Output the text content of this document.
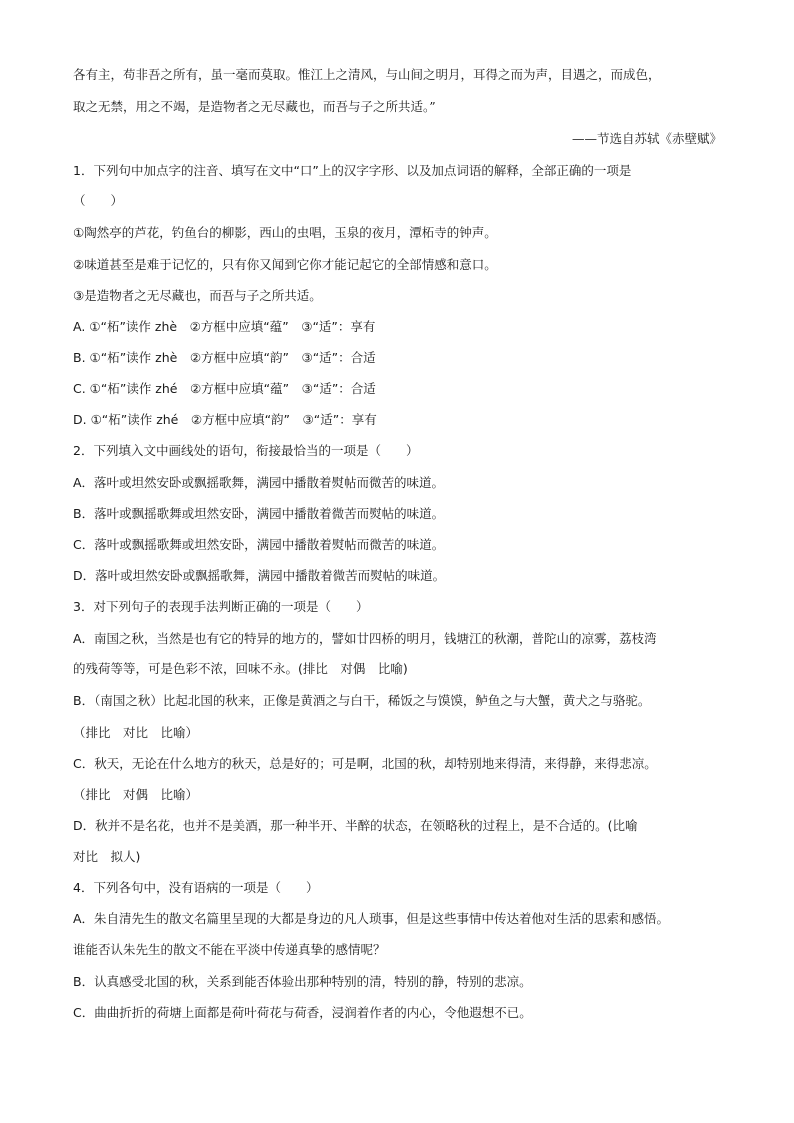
各有主，苟非吾之所有，虽一毫而莫取。惟江上之清风，与山间之明月，耳得之而为声，目遇之，而成色，
取之无禁，用之不竭，是造物者之无尽藏也，而吾与子之所共适。”
——节选自苏轼《赤壁赋》
1．下列句中加点字的注音、填写在文中“口”上的汉字字形、以及加点词语的解释，全部正确的一项是
（　　）
①陶然亭的芦花，钓鱼台的柳影，西山的虫唱，玉泉的夜月，潭柘寺的钟声。
②味道甚至是难于记忆的，只有你又闻到它你才能记起它的全部情感和意口。
③是造物者之无尽藏也，而吾与子之所共适。
A. ①“柘”读作 zhè　②方框中应填“蕴”　③“适”：享有
B. ①“柘”读作 zhè　②方框中应填“韵”　③“适”：合适
C. ①“柘”读作 zhé　②方框中应填“蕴”　③“适”：合适
D. ①“柘”读作 zhé　②方框中应填“韵”　③“适”：享有
2．下列填入文中画线处的语句，衔接最恰当的一项是（　　）
A．落叶或坦然安卧或飘摇歌舞，满园中播散着熨帖而微苦的味道。
B．落叶或飘摇歌舞或坦然安卧，满园中播散着微苦而熨帖的味道。
C．落叶或飘摇歌舞或坦然安卧，满园中播散着熨帖而微苦的味道。
D．落叶或坦然安卧或飘摇歌舞，满园中播散着微苦而熨帖的味道。
3．对下列句子的表现手法判断正确的一项是（　　）
A．南国之秋，当然是也有它的特异的地方的，譬如廿四桥的明月，钱塘江的秋潮，普陀山的凉雾，荔枝湾
的残荷等等，可是色彩不浓，回味不永。(排比　对偶　比喻)
B．（南国之秋）比起北国的秋来，正像是黄酒之与白干，稀饭之与馍馍，鲈鱼之与大蟹，黄犬之与骆驼。
（排比　对比　比喻）
C．秋天，无论在什么地方的秋天，总是好的；可是啊，北国的秋，却特别地来得清，来得静，来得悲凉。
（排比　对偶　比喻）
D．秋并不是名花，也并不是美酒，那一种半开、半醉的状态，在领略秋的过程上，是不合适的。(比喻
对比　拟人)
4．下列各句中，没有语病的一项是（　　）
A．朱自清先生的散文名篇里呈现的大都是身边的凡人琐事，但是这些事情中传达着他对生活的思索和感悟。
谁能否认朱先生的散文不能在平淡中传递真挚的感情呢？
B．认真感受北国的秋，关系到能否体验出那种特别的清，特别的静，特别的悲凉。
C．曲曲折折的荷塘上面都是荷叶荷花与荷香，浸润着作者的内心，令他遐想不已。
